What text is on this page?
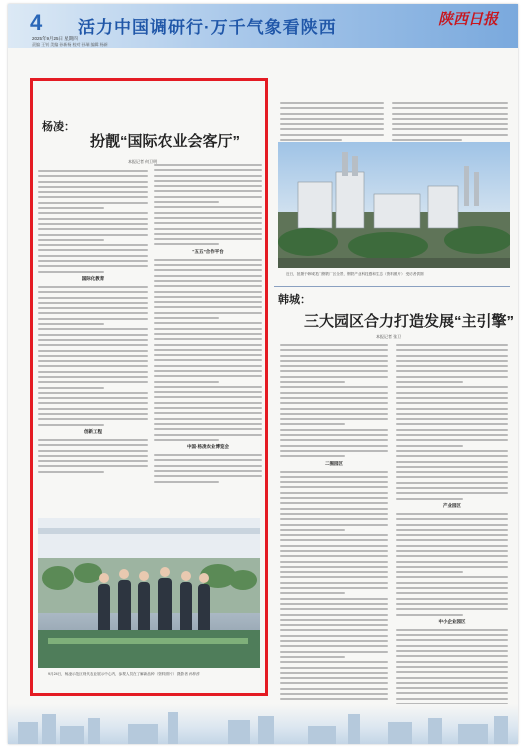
4	活力中国调研行·万千气象看陕西	陕西日报
2025年9月25日 星期四
责编 王钊 美编 孙新杨 校对 孙瑞 编辑 杨新
杨凌：
扮靓“国际农业会客厅”
本报记者 何卫明
国际化教育
创新工程
“五五”合作平台
中国·杨凌农业博览会
9月24日，杨凌示范区现代农业展示中心内，参观人员在了解新品种（资料照片） 摄影者 孙梓淳
近日，拍摄于韩城龙门钢铁厂区全景，钢铁产业科技感和生态（资料照片） 受访者供图
韩城：
三大园区合力打造发展“主引擎”
本报记者 张卫
二围园区
产业园区
中小企业园区
